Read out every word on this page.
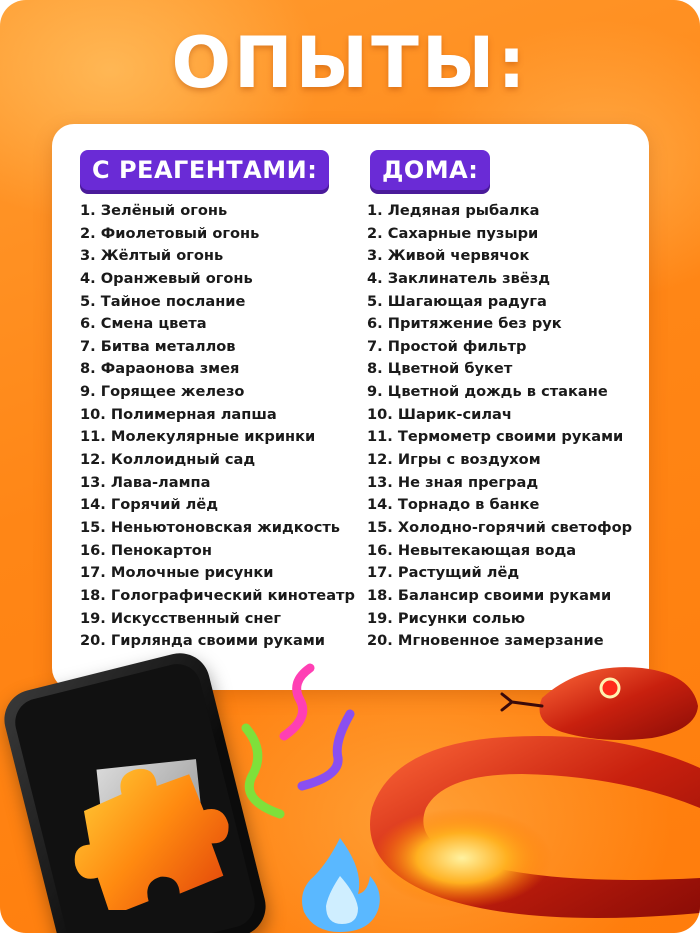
ОПЫТЫ:
С РЕАГЕНТАМИ:	ДОМА:
1. Зелёный огонь
2. Фиолетовый огонь
3. Жёлтый огонь
4. Оранжевый огонь
5. Тайное послание
6. Смена цвета
7. Битва металлов
8. Фараонова змея
9. Горящее железо
10. Полимерная лапша
11. Молекулярные икринки
12. Коллоидный сад
13. Лава-лампа
14. Горячий лёд
15. Неньютоновская жидкость
16. Пенокартон
17. Молочные рисунки
18. Голографический кинотеатр
19. Искусственный снег
20. Гирлянда своими руками
1. Ледяная рыбалка
2. Сахарные пузыри
3. Живой червячок
4. Заклинатель звёзд
5. Шагающая радуга
6. Притяжение без рук
7. Простой фильтр
8. Цветной букет
9. Цветной дождь в стакане
10. Шарик-силач
11. Термометр своими руками
12. Игры с воздухом
13. Не зная преград
14. Торнадо в банке
15. Холодно-горячий светофор
16. Невытекающая вода
17. Растущий лёд
18. Балансир своими руками
19. Рисунки солью
20. Мгновенное замерзание
